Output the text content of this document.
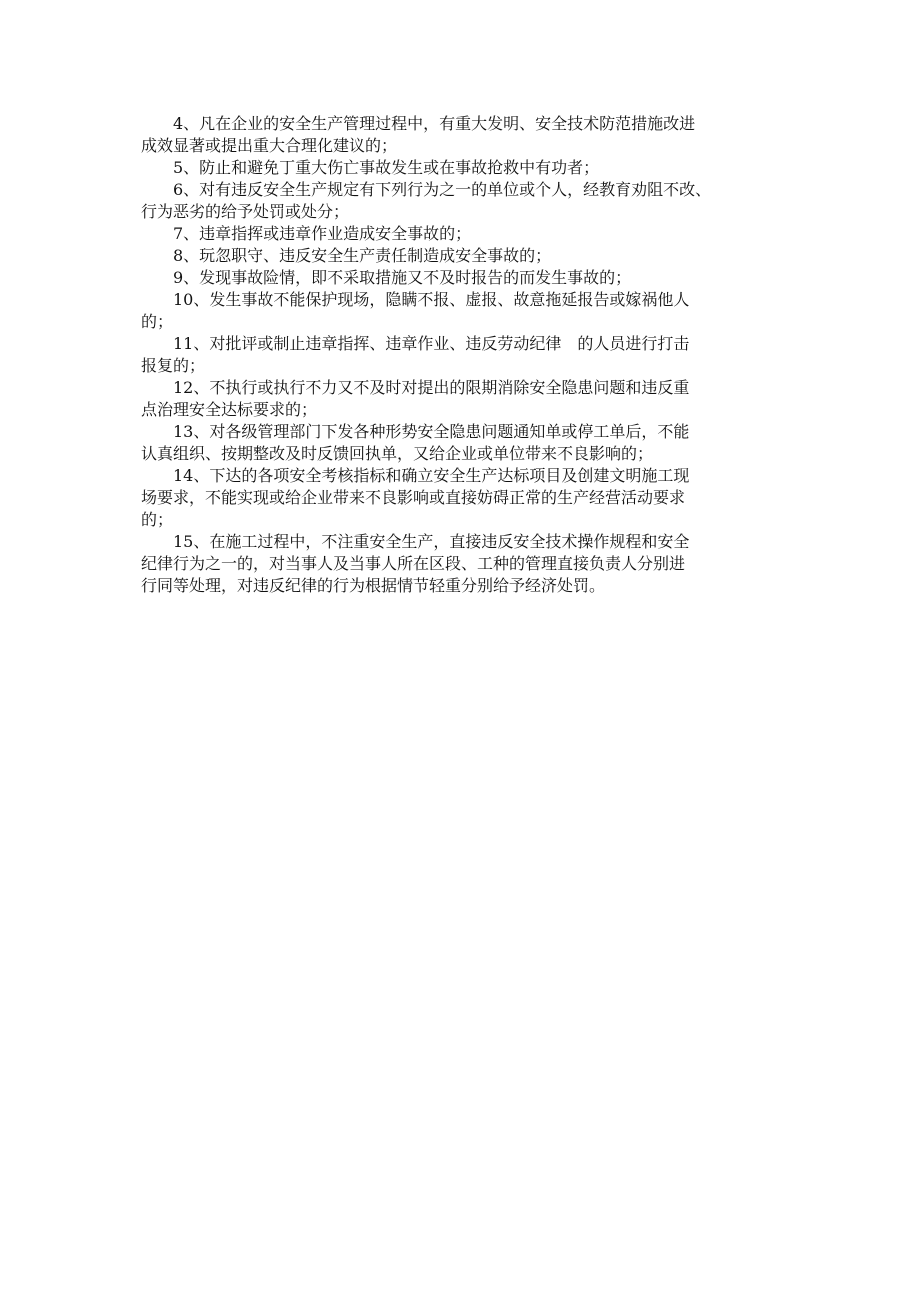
4、凡在企业的安全生产管理过程中，有重大发明、安全技术防范措施改进
成效显著或提出重大合理化建议的；

5、防止和避免丁重大伤亡事故发生或在事故抢救中有功者；

6、对有违反安全生产规定有下列行为之一的单位或个人，经教育劝阻不改、
行为恶劣的给予处罚或处分；

7、违章指挥或违章作业造成安全事故的；

8、玩忽职守、违反安全生产责任制造成安全事故的；

9、发现事故险情，即不采取措施又不及时报告的而发生事故的；

10、发生事故不能保护现场，隐瞒不报、虚报、故意拖延报告或嫁祸他人
的；

11、对批评或制止违章指挥、违章作业、违反劳动纪律　的人员进行打击
报复的；

12、不执行或执行不力又不及时对提出的限期消除安全隐患问题和违反重
点治理安全达标要求的；

13、对各级管理部门下发各种形势安全隐患问题通知单或停工单后，不能
认真组织、按期整改及时反馈回执单，又给企业或单位带来不良影响的；

14、下达的各项安全考核指标和确立安全生产达标项目及创建文明施工现
场要求，不能实现或给企业带来不良影响或直接妨碍正常的生产经营活动要求
的；

15、在施工过程中，不注重安全生产，直接违反安全技术操作规程和安全
纪律行为之一的，对当事人及当事人所在区段、工种的管理直接负责人分别进
行同等处理，对违反纪律的行为根据情节轻重分别给予经济处罚。
